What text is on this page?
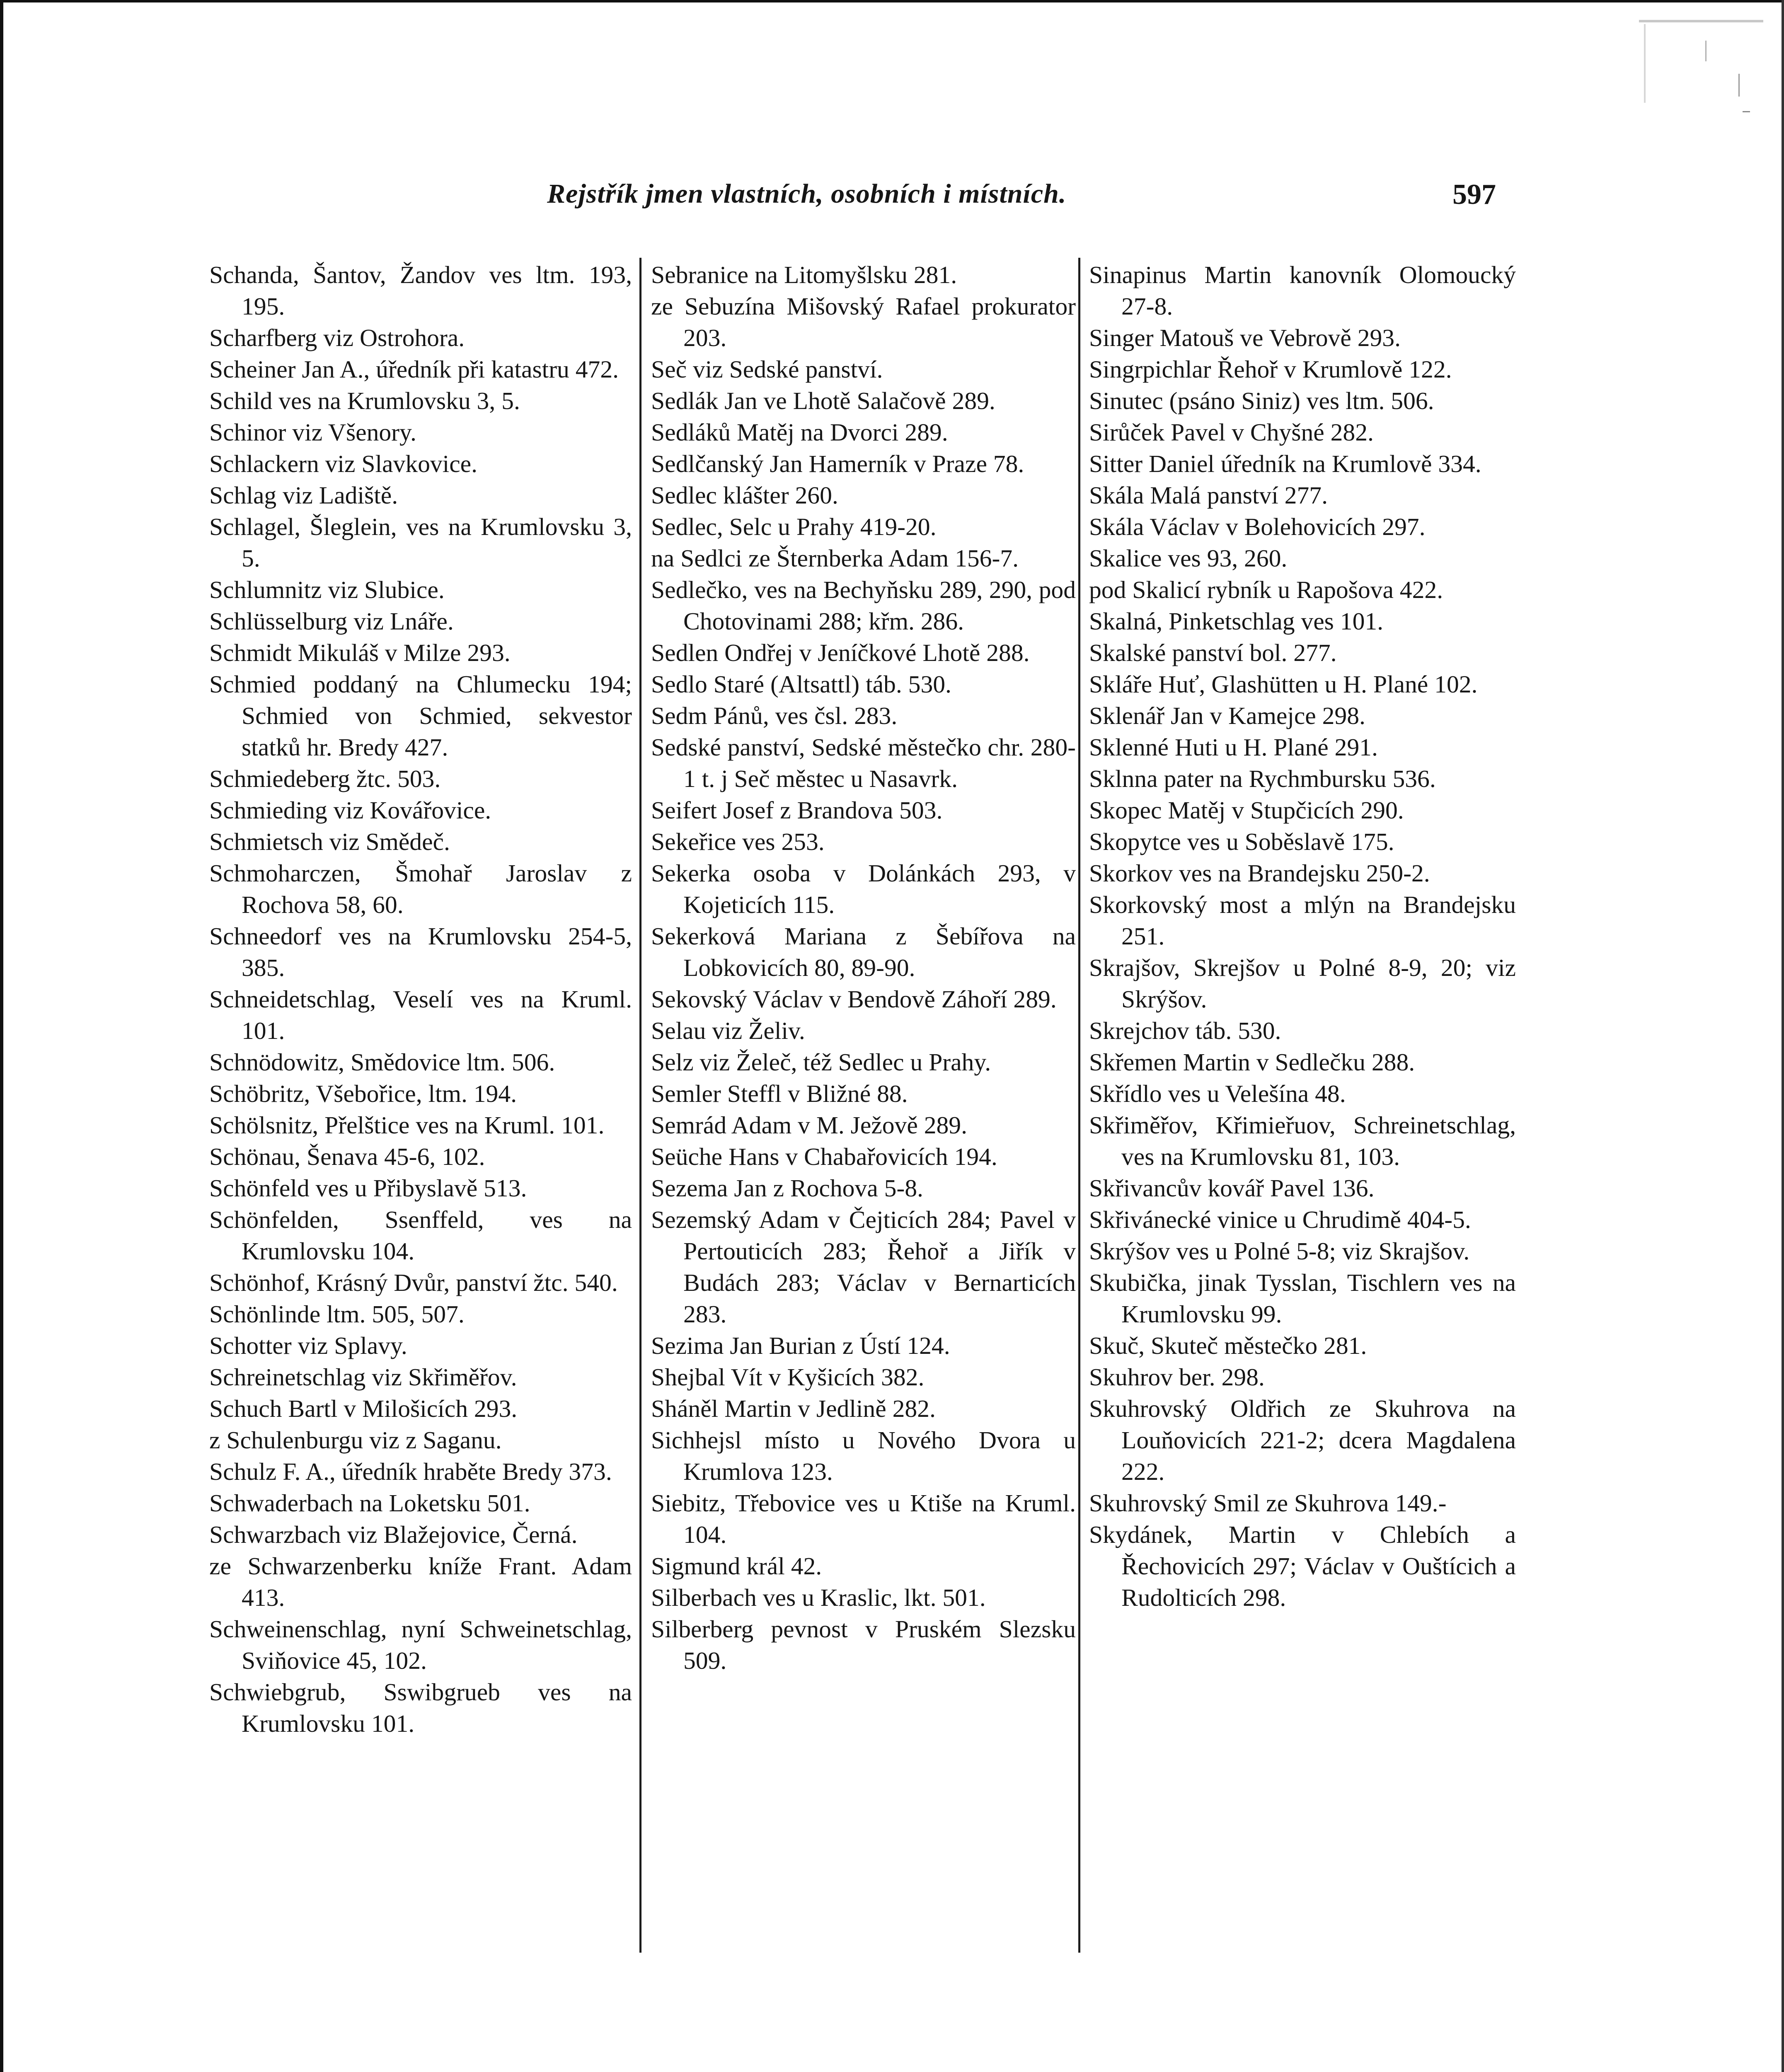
Rejstřík jmen vlastních, osobních i místních.	597
Schanda, Šantov, Žandov ves ltm. 193, 195.
Scharfberg viz Ostrohora.
Scheiner Jan A., úředník při katastru 472.
Schild ves na Krumlovsku 3, 5.
Schinor viz Všenory.
Schlackern viz Slavkovice.
Schlag viz Ladiště.
Schlagel, Šleglein, ves na Krumlovsku 3, 5.
Schlumnitz viz Slubice.
Schlüsselburg viz Lnáře.
Schmidt Mikuláš v Milze 293.
Schmied poddaný na Chlumecku 194; Schmied von Schmied, sekvestor statků hr. Bredy 427.
Schmiedeberg žtc. 503.
Schmieding viz Kovářovice.
Schmietsch viz Smědeč.
Schmoharczen, Šmohař Jaroslav z Rochova 58, 60.
Schneedorf ves na Krumlovsku 254-5, 385.
Schneidetschlag, Veselí ves na Kruml. 101.
Schnödowitz, Smědovice ltm. 506.
Schöbritz, Všebořice, ltm. 194.
Schölsnitz, Přelštice ves na Kruml. 101.
Schönau, Šenava 45-6, 102.
Schönfeld ves u Přibyslavě 513.
Schönfelden, Ssenffeld, ves na Krumlovsku 104.
Schönhof, Krásný Dvůr, panství žtc. 540.
Schönlinde ltm. 505, 507.
Schotter viz Splavy.
Schreinetschlag viz Skřiměřov.
Schuch Bartl v Milošicích 293.
z Schulenburgu viz z Saganu.
Schulz F. A., úředník hraběte Bredy 373.
Schwaderbach na Loketsku 501.
Schwarzbach viz Blažejovice, Černá.
ze Schwarzenberku kníže Frant. Adam 413.
Schweinenschlag, nyní Schweinetschlag, Sviňovice 45, 102.
Schwiebgrub, Sswibgrueb ves na Krumlovsku 101.
Sebranice na Litomyšlsku 281.
ze Sebuzína Mišovský Rafael prokurator 203.
Seč viz Sedské panství.
Sedlák Jan ve Lhotě Salačově 289.
Sedláků Matěj na Dvorci 289.
Sedlčanský Jan Hamerník v Praze 78.
Sedlec klášter 260.
Sedlec, Selc u Prahy 419-20.
na Sedlci ze Šternberka Adam 156-7.
Sedlečko, ves na Bechyňsku 289, 290, pod Chotovinami 288; křm. 286.
Sedlen Ondřej v Jeníčkové Lhotě 288.
Sedlo Staré (Altsattl) táb. 530.
Sedm Pánů, ves čsl. 283.
Sedské panství, Sedské městečko chr. 280-1 t. j Seč městec u Nasavrk.
Seifert Josef z Brandova 503.
Sekeřice ves 253.
Sekerka osoba v Dolánkách 293, v Kojeticích 115.
Sekerková Mariana z Šebířova na Lobkovicích 80, 89-90.
Sekovský Václav v Bendově Záhoří 289.
Selau viz Želiv.
Selz viz Želeč, též Sedlec u Prahy.
Semler Steffl v Bližné 88.
Semrád Adam v M. Ježově 289.
Seüche Hans v Chabařovicích 194.
Sezema Jan z Rochova 5-8.
Sezemský Adam v Čejticích 284; Pavel v Pertouticích 283; Řehoř a Jiřík v Budách 283; Václav v Bernarticích 283.
Sezima Jan Burian z Ústí 124.
Shejbal Vít v Kyšicích 382.
Sháněl Martin v Jedlině 282.
Sichhejsl místo u Nového Dvora u Krumlova 123.
Siebitz, Třebovice ves u Ktiše na Kruml. 104.
Sigmund král 42.
Silberbach ves u Kraslic, lkt. 501.
Silberberg pevnost v Pruském Slezsku 509.
Sinapinus Martin kanovník Olomoucký 27-8.
Singer Matouš ve Vebrově 293.
Singrpichlar Řehoř v Krumlově 122.
Sinutec (psáno Siniz) ves ltm. 506.
Sirůček Pavel v Chyšné 282.
Sitter Daniel úředník na Krumlově 334.
Skála Malá panství 277.
Skála Václav v Bolehovicích 297.
Skalice ves 93, 260.
pod Skalicí rybník u Rapošova 422.
Skalná, Pinketschlag ves 101.
Skalské panství bol. 277.
Skláře Huť, Glashütten u H. Plané 102.
Sklenář Jan v Kamejce 298.
Sklenné Huti u H. Plané 291.
Sklnna pater na Rychmbursku 536.
Skopec Matěj v Stupčicích 290.
Skopytce ves u Soběslavě 175.
Skorkov ves na Brandejsku 250-2.
Skorkovský most a mlýn na Brandejsku 251.
Skrajšov, Skrejšov u Polné 8-9, 20; viz Skrýšov.
Skrejchov táb. 530.
Skřemen Martin v Sedlečku 288.
Skřídlo ves u Velešína 48.
Skřiměřov, Křimieřuov, Schreinetschlag, ves na Krumlovsku 81, 103.
Skřivancův kovář Pavel 136.
Skřivánecké vinice u Chrudimě 404-5.
Skrýšov ves u Polné 5-8; viz Skrajšov.
Skubička, jinak Tysslan, Tischlern ves na Krumlovsku 99.
Skuč, Skuteč městečko 281.
Skuhrov ber. 298.
Skuhrovský Oldřich ze Skuhrova na Louňovicích 221-2; dcera Magdalena 222.
Skuhrovský Smil ze Skuhrova 149.-
Skydánek, Martin v Chlebích a Řechovicích 297; Václav v Ouštícich a Rudolticích 298.
